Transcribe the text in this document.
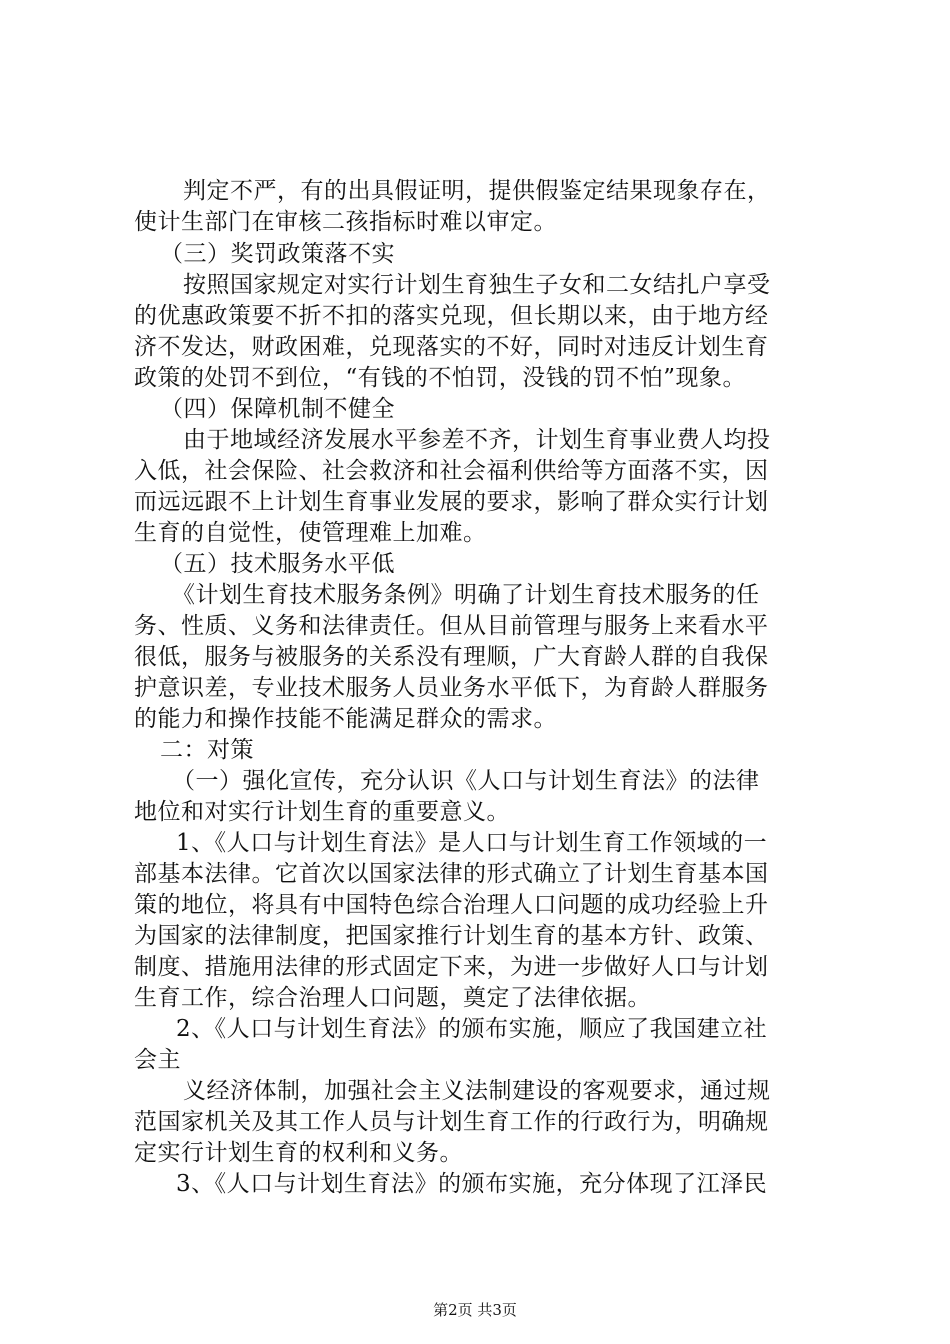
判定不严，有的出具假证明，提供假鉴定结果现象存在，
使计生部门在审核二孩指标时难以审定。
（三）奖罚政策落不实
按照国家规定对实行计划生育独生子女和二女结扎户享受
的优惠政策要不折不扣的落实兑现，但长期以来，由于地方经
济不发达，财政困难，兑现落实的不好，同时对违反计划生育
政策的处罚不到位，“有钱的不怕罚，没钱的罚不怕”现象。
（四）保障机制不健全
由于地域经济发展水平参差不齐，计划生育事业费人均投
入低，社会保险、社会救济和社会福利供给等方面落不实，因
而远远跟不上计划生育事业发展的要求，影响了群众实行计划
生育的自觉性，使管理难上加难。
（五）技术服务水平低
《计划生育技术服务条例》明确了计划生育技术服务的任
务、性质、义务和法律责任。但从目前管理与服务上来看水平
很低，服务与被服务的关系没有理顺，广大育龄人群的自我保
护意识差，专业技术服务人员业务水平低下，为育龄人群服务
的能力和操作技能不能满足群众的需求。
二：对策
（一）强化宣传，充分认识《人口与计划生育法》的法律
地位和对实行计划生育的重要意义。
1、《人口与计划生育法》是人口与计划生育工作领域的一
部基本法律。它首次以国家法律的形式确立了计划生育基本国
策的地位，将具有中国特色综合治理人口问题的成功经验上升
为国家的法律制度，把国家推行计划生育的基本方针、政策、
制度、措施用法律的形式固定下来，为进一步做好人口与计划
生育工作，综合治理人口问题，奠定了法律依据。
2、《人口与计划生育法》的颁布实施，顺应了我国建立社
会主
义经济体制，加强社会主义法制建设的客观要求，通过规
范国家机关及其工作人员与计划生育工作的行政行为，明确规
定实行计划生育的权利和义务。
3、《人口与计划生育法》的颁布实施，充分体现了江泽民
第2页 共3页
